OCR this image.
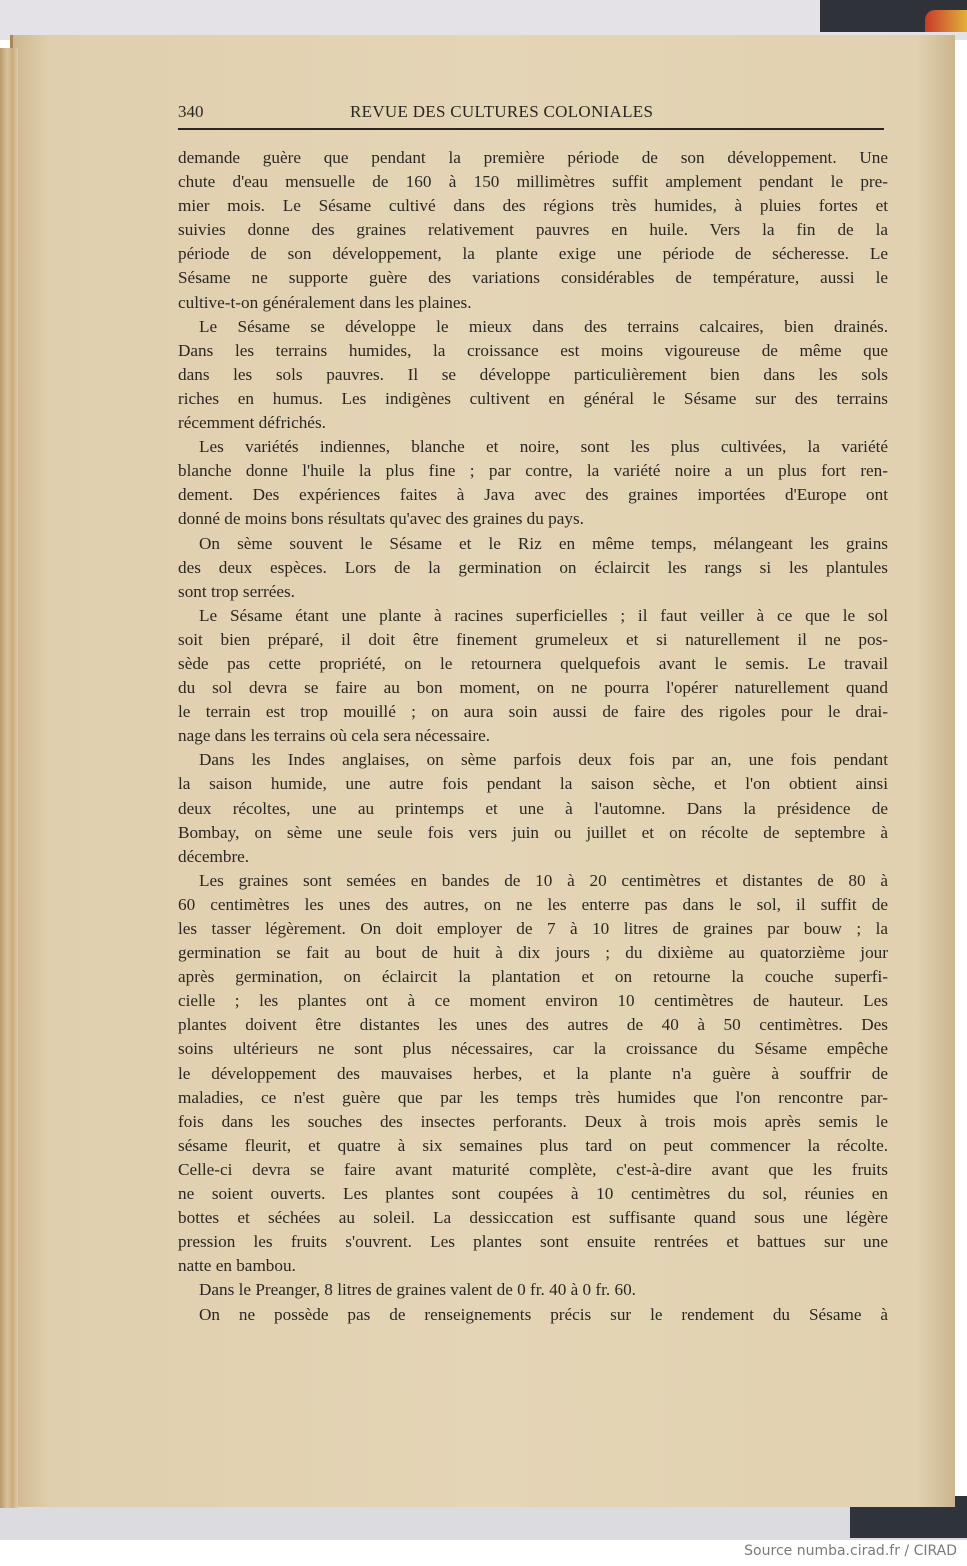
340	REVUE DES CULTURES COLONIALES
demande guère que pendant la première période de son développement. Une
chute d'eau mensuelle de 160 à 150 millimètres suffit amplement pendant le pre-
mier mois. Le Sésame cultivé dans des régions très humides, à pluies fortes et
suivies donne des graines relativement pauvres en huile. Vers la fin de la
période de son développement, la plante exige une période de sécheresse. Le
Sésame ne supporte guère des variations considérables de température, aussi le
cultive-t-on généralement dans les plaines.
Le Sésame se développe le mieux dans des terrains calcaires, bien drainés.
Dans les terrains humides, la croissance est moins vigoureuse de même que
dans les sols pauvres. Il se développe particulièrement bien dans les sols
riches en humus. Les indigènes cultivent en général le Sésame sur des terrains
récemment défrichés.
Les variétés indiennes, blanche et noire, sont les plus cultivées, la variété
blanche donne l'huile la plus fine ; par contre, la variété noire a un plus fort ren-
dement. Des expériences faites à Java avec des graines importées d'Europe ont
donné de moins bons résultats qu'avec des graines du pays.
On sème souvent le Sésame et le Riz en même temps, mélangeant les grains
des deux espèces. Lors de la germination on éclaircit les rangs si les plantules
sont trop serrées.
Le Sésame étant une plante à racines superficielles ; il faut veiller à ce que le sol
soit bien préparé, il doit être finement grumeleux et si naturellement il ne pos-
sède pas cette propriété, on le retournera quelquefois avant le semis. Le travail
du sol devra se faire au bon moment, on ne pourra l'opérer naturellement quand
le terrain est trop mouillé ; on aura soin aussi de faire des rigoles pour le drai-
nage dans les terrains où cela sera nécessaire.
Dans les Indes anglaises, on sème parfois deux fois par an, une fois pendant
la saison humide, une autre fois pendant la saison sèche, et l'on obtient ainsi
deux récoltes, une au printemps et une à l'automne. Dans la présidence de
Bombay, on sème une seule fois vers juin ou juillet et on récolte de septembre à
décembre.
Les graines sont semées en bandes de 10 à 20 centimètres et distantes de 80 à
60 centimètres les unes des autres, on ne les enterre pas dans le sol, il suffit de
les tasser légèrement. On doit employer de 7 à 10 litres de graines par bouw ; la
germination se fait au bout de huit à dix jours ; du dixième au quatorzième jour
après germination, on éclaircit la plantation et on retourne la couche superfi-
cielle ; les plantes ont à ce moment environ 10 centimètres de hauteur. Les
plantes doivent être distantes les unes des autres de 40 à 50 centimètres. Des
soins ultérieurs ne sont plus nécessaires, car la croissance du Sésame empêche
le développement des mauvaises herbes, et la plante n'a guère à souffrir de
maladies, ce n'est guère que par les temps très humides que l'on rencontre par-
fois dans les souches des insectes perforants. Deux à trois mois après semis le
sésame fleurit, et quatre à six semaines plus tard on peut commencer la récolte.
Celle-ci devra se faire avant maturité complète, c'est-à-dire avant que les fruits
ne soient ouverts. Les plantes sont coupées à 10 centimètres du sol, réunies en
bottes et séchées au soleil. La dessiccation est suffisante quand sous une légère
pression les fruits s'ouvrent. Les plantes sont ensuite rentrées et battues sur une
natte en bambou.
Dans le Preanger, 8 litres de graines valent de 0 fr. 40 à 0 fr. 60.
On ne possède pas de renseignements précis sur le rendement du Sésame à
Source numba.cirad.fr / CIRAD
